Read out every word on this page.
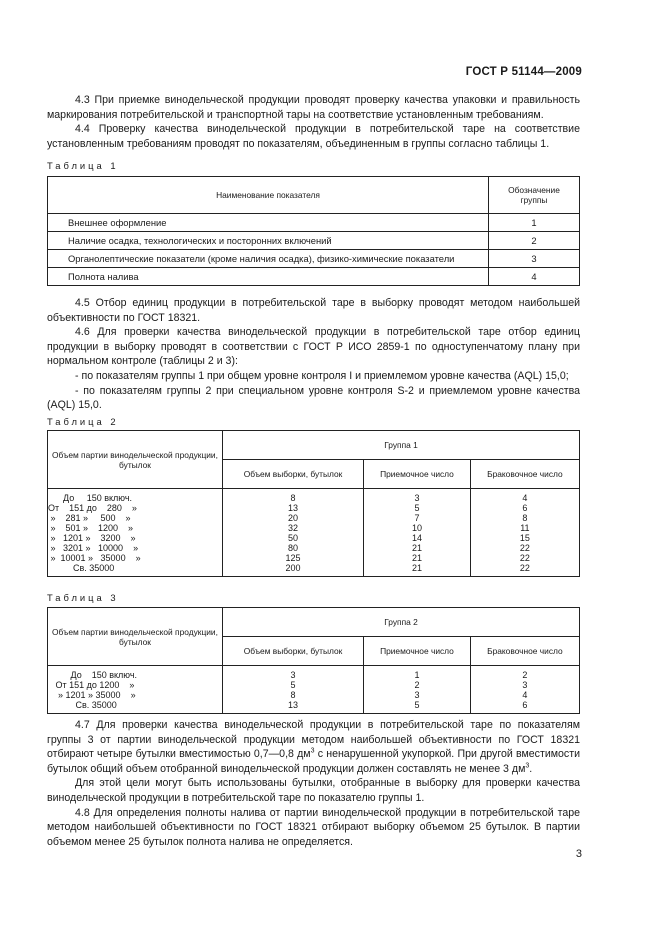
ГОСТ Р 51144—2009

4.3 При приемке винодельческой продукции проводят проверку качества упаковки и правильность маркирования потребительской и транспортной тары на соответствие установленным требованиям.

4.4 Проверку качества винодельческой продукции в потребительской таре на соответствие установленным требованиям проводят по показателям, объединенным в группы согласно таблицы 1.

Таблица 1
Наименование показателя	Обозначение группы
Внешнее оформление	1
Наличие осадка, технологических и посторонних включений	2
Органолептические показатели (кроме наличия осадка), физико-химические показатели	3
Полнота налива	4

4.5 Отбор единиц продукции в потребительской таре в выборку проводят методом наибольшей объективности по ГОСТ 18321.

4.6 Для проверки качества винодельческой продукции в потребительской таре отбор единиц продукции в выборку проводят в соответствии с ГОСТ Р ИСО 2859-1 по одноступенчатому плану при нормальном контроле (таблицы 2 и 3):

- по показателям группы 1 при общем уровне контроля I и приемлемом уровне качества (AQL) 15,0;

- по показателям группы 2 при специальном уровне контроля S-2 и приемлемом уровне качества (AQL) 15,0.

Таблица 2
Объем партии винодельческой продукции, бутылок	Группа 1		
	Объем выборки, бутылок	Приемочное число	Браковочное число
До     150 включ.	8	3	4
От    151 до    280    »	13	5	6
»    281 »     500    »	20	7	8
»    501 »    1200    »	32	10	11
»   1201 »    3200    »	50	14	15
»   3201 »   10000    »	80	21	22
»  10001 »   35000    »	125	21	22
Св. 35000	200	21	22
Таблица 3
Объем партии винодельческой продукции, бутылок	Группа 2		
	Объем выборки, бутылок	Приемочное число	Браковочное число
До    150 включ.	3	1	2
От 151 до 1200    »	5	2	3
» 1201 » 35000    »	8	3	4
Св. 35000	13	5	6

4.7 Для проверки качества винодельческой продукции в потребительской таре по показателям группы 3 от партии винодельческой продукции методом наибольшей объективности по ГОСТ 18321 отбирают четыре бутылки вместимостью 0,7—0,8 $дм^3$ с ненарушенной укупоркой. При другой вместимости бутылок общий объем отобранной винодельческой продукции должен составлять не менее 3 $дм^3$.

Для этой цели могут быть использованы бутылки, отобранные в выборку для проверки качества винодельческой продукции в потребительской таре по показателю группы 1.

4.8 Для определения полноты налива от партии винодельческой продукции в потребительской таре методом наибольшей объективности по ГОСТ 18321 отбирают выборку объемом 25 бутылок. В партии объемом менее 25 бутылок полнота налива не определяется.

3
